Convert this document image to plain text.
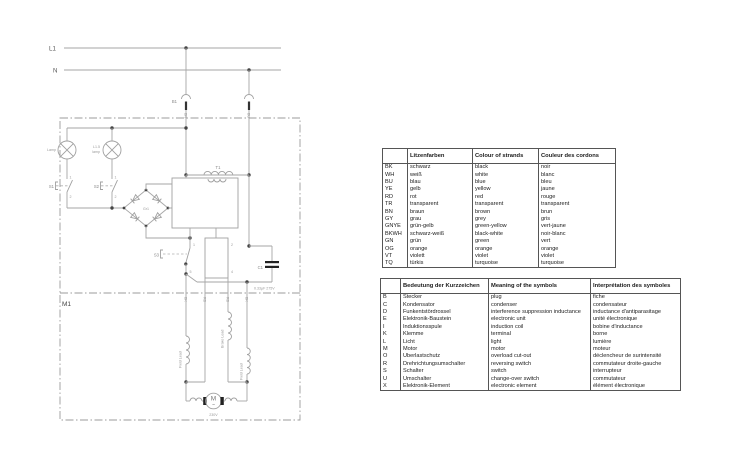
L1
N
B1
BN	BU
M1
Lamp
L1.5
lamp
S1
1
2
S2
1
2
Gr1
T1
S3
1	2
5	4
C1
0.33µF 275V
BK	RD	RD	BK
Field Lead
Brake Lead
Field Lead
M
~
230V
	Litzenfarben	Colour of strands	Couleur des cordons
BK	schwarz	black	noir
WH	weiß	white	blanc
BU	blau	blue	bleu
YE	gelb	yellow	jaune
RD	rot	red	rouge
TR	transparent	transparent	transparent
BN	braun	brown	brun
GY	grau	grey	gris
GNYE	grün-gelb	green-yellow	vert-jaune
BKWH	schwarz-weiß	black-white	noir-blanc
GN	grün	green	vert
OG	orange	orange	orange
VT	violett	violet	violet
TQ	türkis	turquoise	turquoise
	Bedeutung der Kurzzeichen	Meaning of the symbols	Interprétation des symboles
B	Stecker	plug	fiche
C	Kondensator	condenser	condensateur
D	Funkentstördrossel	interference suppression inductance	inductance d'antiparasitage
E	Elektronik-Baustein	electronic unit	unité électronique
I	Induktionsspule	induction coil	bobine d'inductance
K	Klemme	terminal	borne
L	Licht	light	lumière
M	Motor	motor	moteur
O	Überlastschutz	overload cut-out	déclencheur de surintensité
R	Drehrichtungsumschalter	reversing switch	commutateur droite-gauche
S	Schalter	switch	interrupteur
U	Umschalter	change-over switch	commutateur
X	Elektronik-Element	electronic element	élément électronique
